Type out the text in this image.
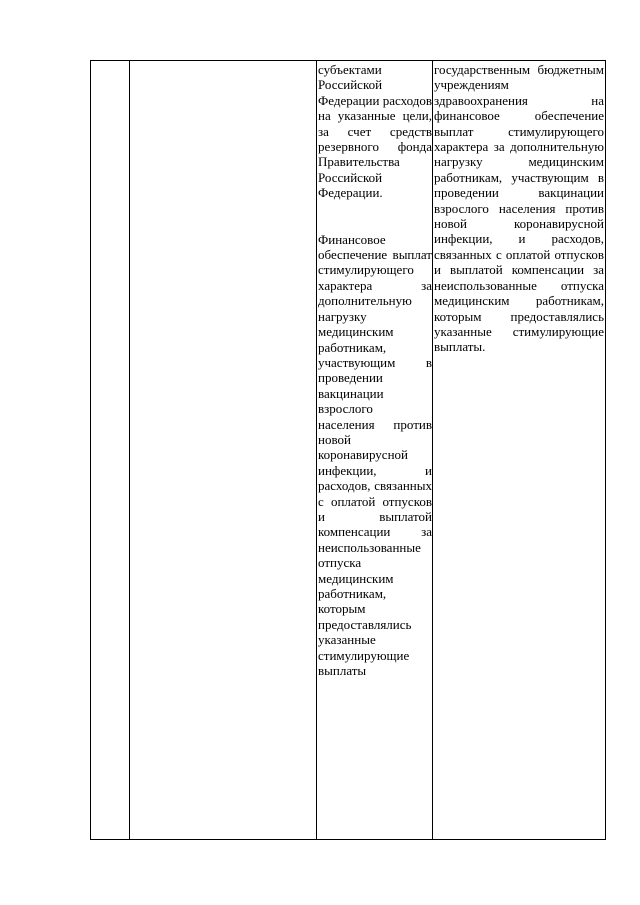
субъектами Российской Федерации расходов на указанные цели, за счет средств резервного фонда Правительства Российской Федерации.

Финансовое обеспечение выплат стимулирующего характера за дополнительную нагрузку медицинским работникам, участвующим в проведении вакцинации взрослого населения против новой коронавирусной инфекции, и расходов, связанных с оплатой отпусков и выплатой компенсации за неиспользованные отпуска медицинским работникам, которым предоставлялись указанные стимулирующие выплаты

государственным бюджетным учреждениям здравоохранения на финансовое обеспечение выплат стимулирующего характера за дополнительную нагрузку медицинским работникам, участвующим в проведении вакцинации взрослого населения против новой коронавирусной инфекции, и расходов, связанных с оплатой отпусков и выплатой компенсации за неиспользованные отпуска медицинским работникам, которым предоставлялись указанные стимулирующие выплаты.
